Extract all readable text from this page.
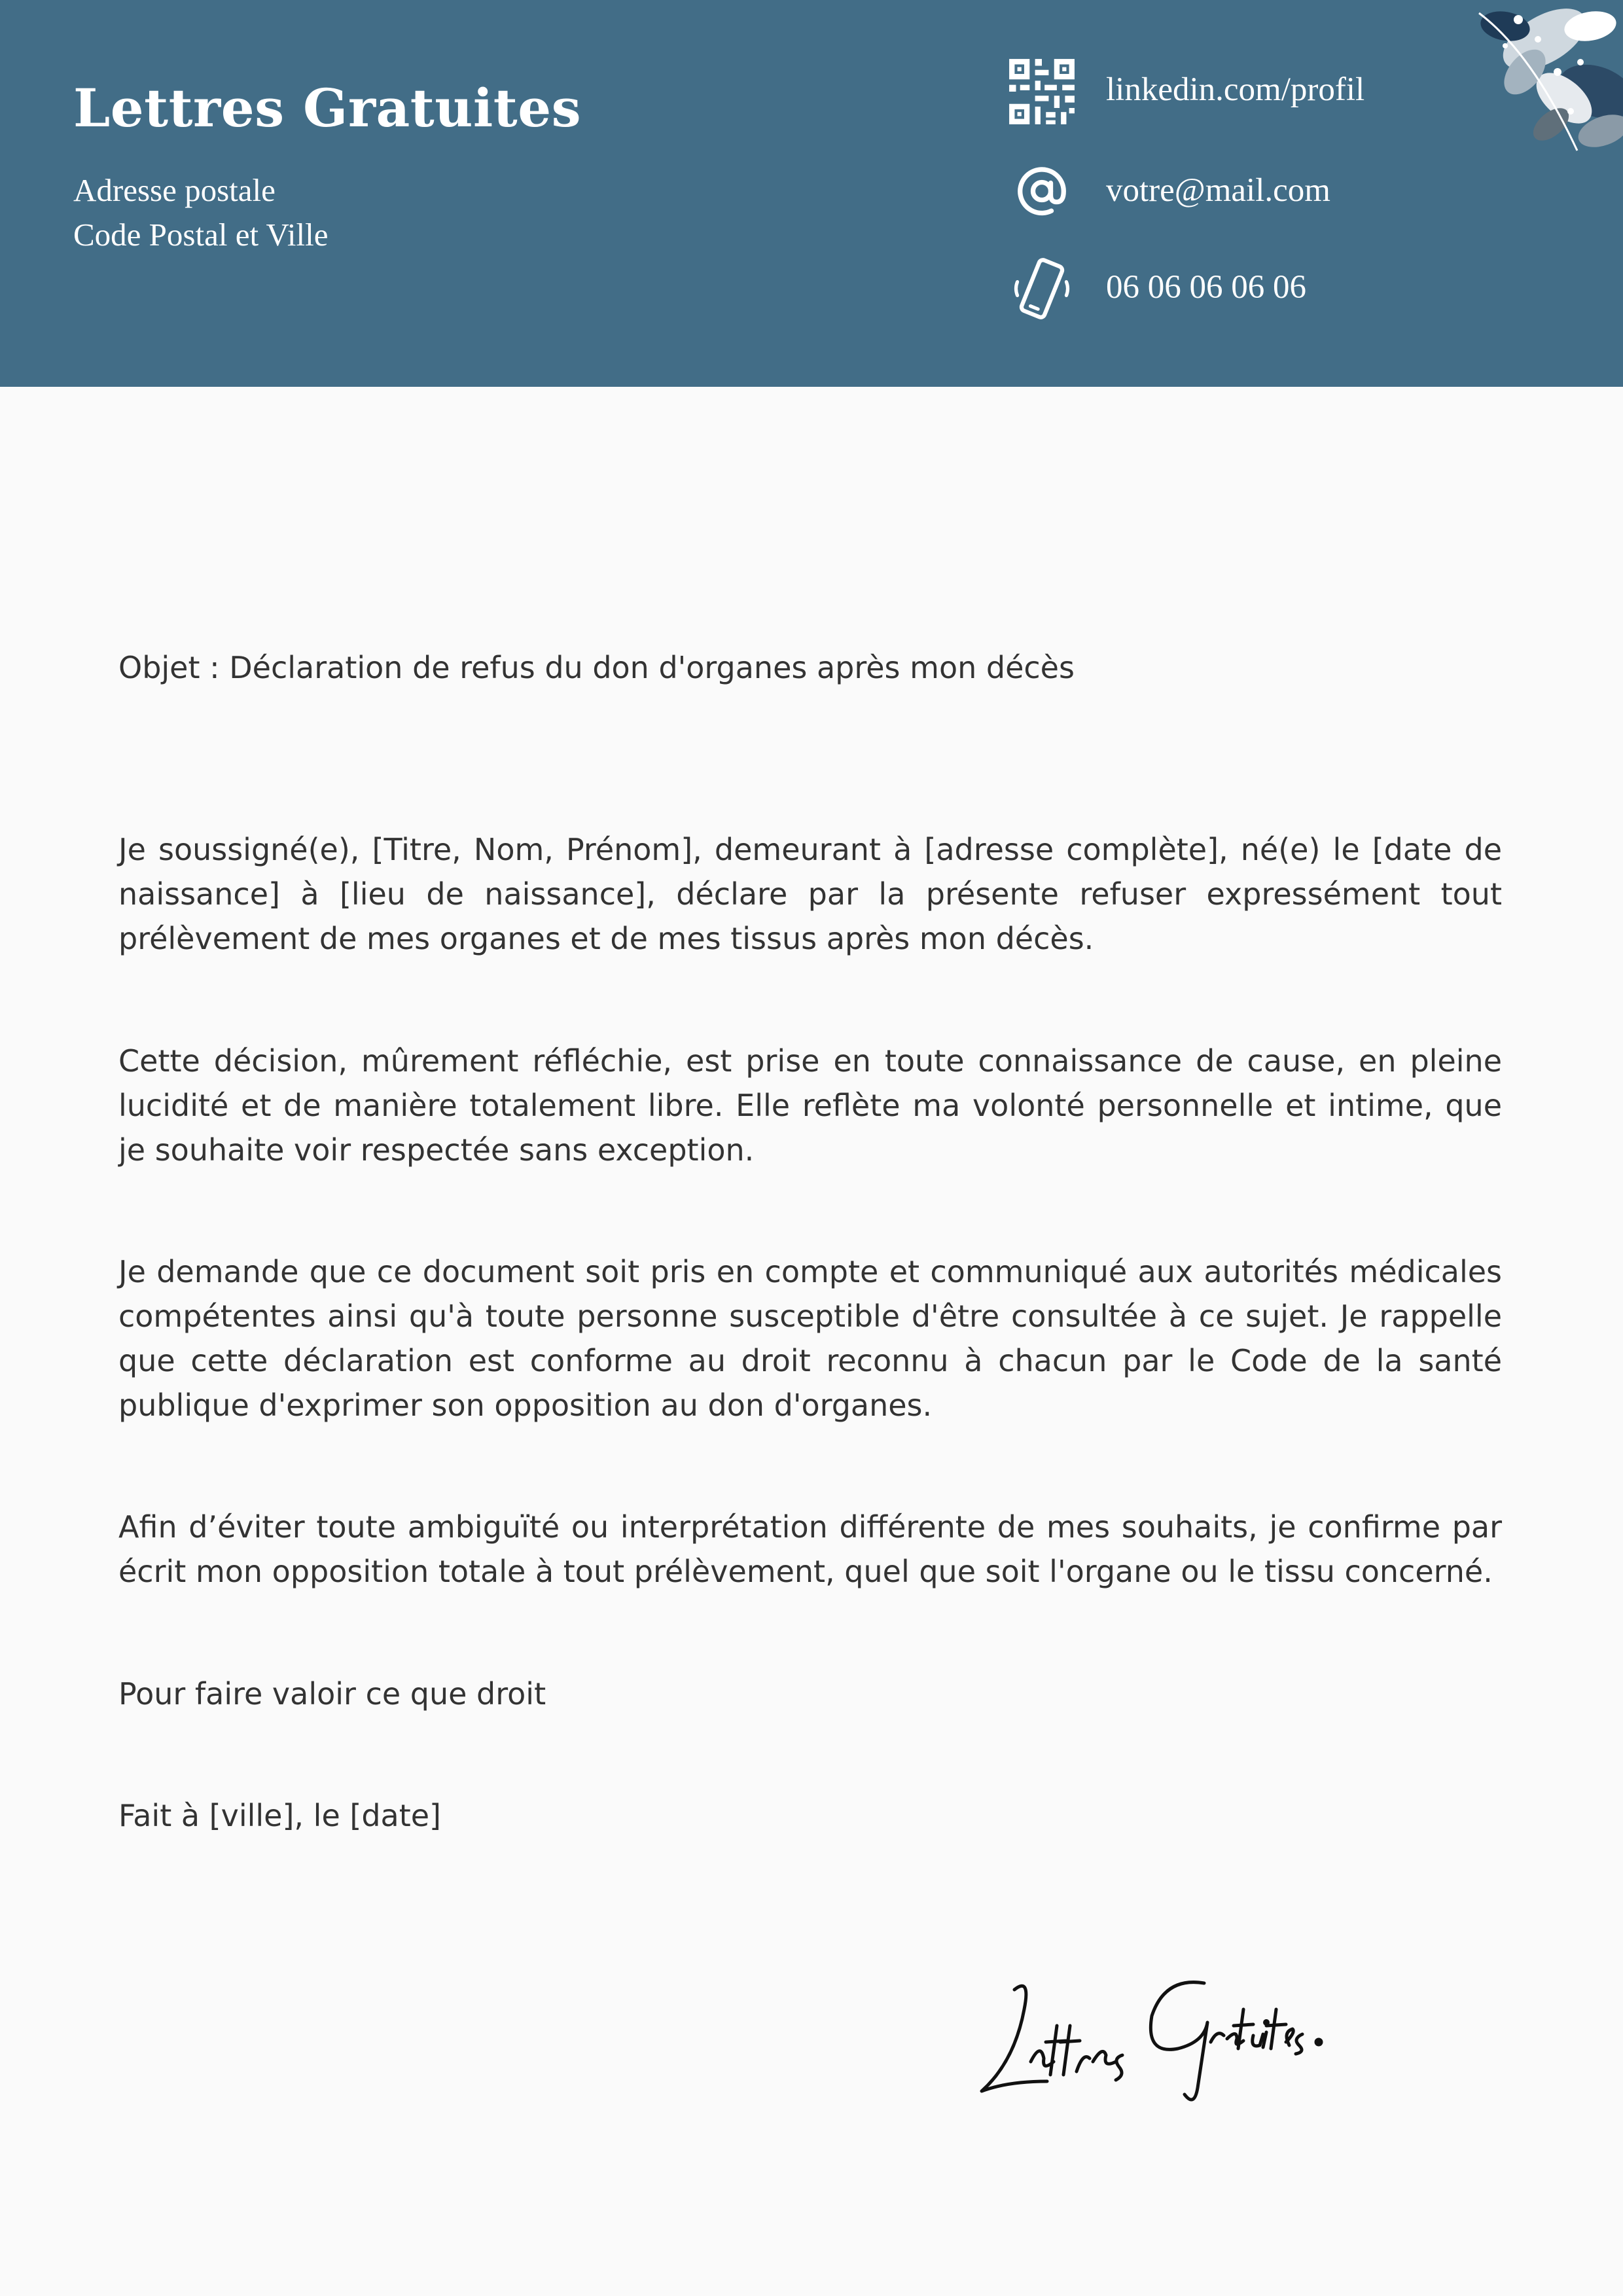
Lettres Gratuites
Adresse postale
Code Postal et Ville
linkedin.com/profil
votre@mail.com
06 06 06 06 06
Objet : Déclaration de refus du don d'organes après mon décès
Je soussigné(e), [Titre, Nom, Prénom], demeurant à [adresse complète], né(e) le [date de naissance] à [lieu de naissance], déclare par la présente refuser expressément tout prélèvement de mes organes et de mes tissus après mon décès.
Cette décision, mûrement réfléchie, est prise en toute connaissance de cause, en pleine lucidité et de manière totalement libre. Elle reflète ma volonté personnelle et intime, que je souhaite voir respectée sans exception.
Je demande que ce document soit pris en compte et communiqué aux autorités médicales compétentes ainsi qu'à toute personne susceptible d'être consultée à ce sujet. Je rappelle que cette déclaration est conforme au droit reconnu à chacun par le Code de la santé publique d'exprimer son opposition au don d'organes.
Afin d’éviter toute ambiguïté ou interprétation différente de mes souhaits, je confirme par écrit mon opposition totale à tout prélèvement, quel que soit l'organe ou le tissu concerné.
Pour faire valoir ce que droit
Fait à [ville], le [date]
